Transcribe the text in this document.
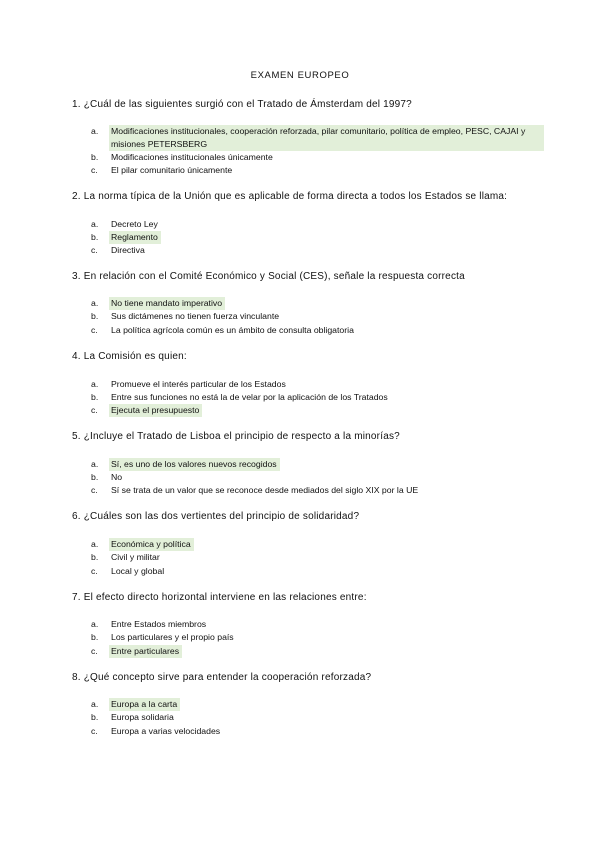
EXAMEN EUROPEO
1. ¿Cuál de las siguientes surgió con el Tratado de Ámsterdam del 1997?
a. Modificaciones institucionales, cooperación reforzada, pilar comunitario, política de empleo, PESC, CAJAI y misiones PETERSBERG
b. Modificaciones institucionales únicamente
c. El pilar comunitario únicamente
2. La norma típica de la Unión que es aplicable de forma directa a todos los Estados se llama:
a. Decreto Ley
b. Reglamento
c. Directiva
3. En relación con el Comité Económico y Social (CES), señale la respuesta correcta
a. No tiene mandato imperativo
b. Sus dictámenes no tienen fuerza vinculante
c. La política agrícola común es un ámbito de consulta obligatoria
4. La Comisión es quien:
a. Promueve el interés particular de los Estados
b. Entre sus funciones no está la de velar por la aplicación de los Tratados
c. Ejecuta el presupuesto
5. ¿Incluye el Tratado de Lisboa el principio de respecto a la minorías?
a. Sí, es uno de los valores nuevos recogidos
b. No
c. Sí se trata de un valor que se reconoce desde mediados del siglo XIX por la UE
6. ¿Cuáles son las dos vertientes del principio de solidaridad?
a. Económica y política
b. Civil y militar
c. Local y global
7. El efecto directo horizontal interviene en las relaciones entre:
a. Entre Estados miembros
b. Los particulares y el propio país
c. Entre particulares
8. ¿Qué concepto sirve para entender la cooperación reforzada?
a. Europa a la carta
b. Europa solidaria
c. Europa a varias velocidades
